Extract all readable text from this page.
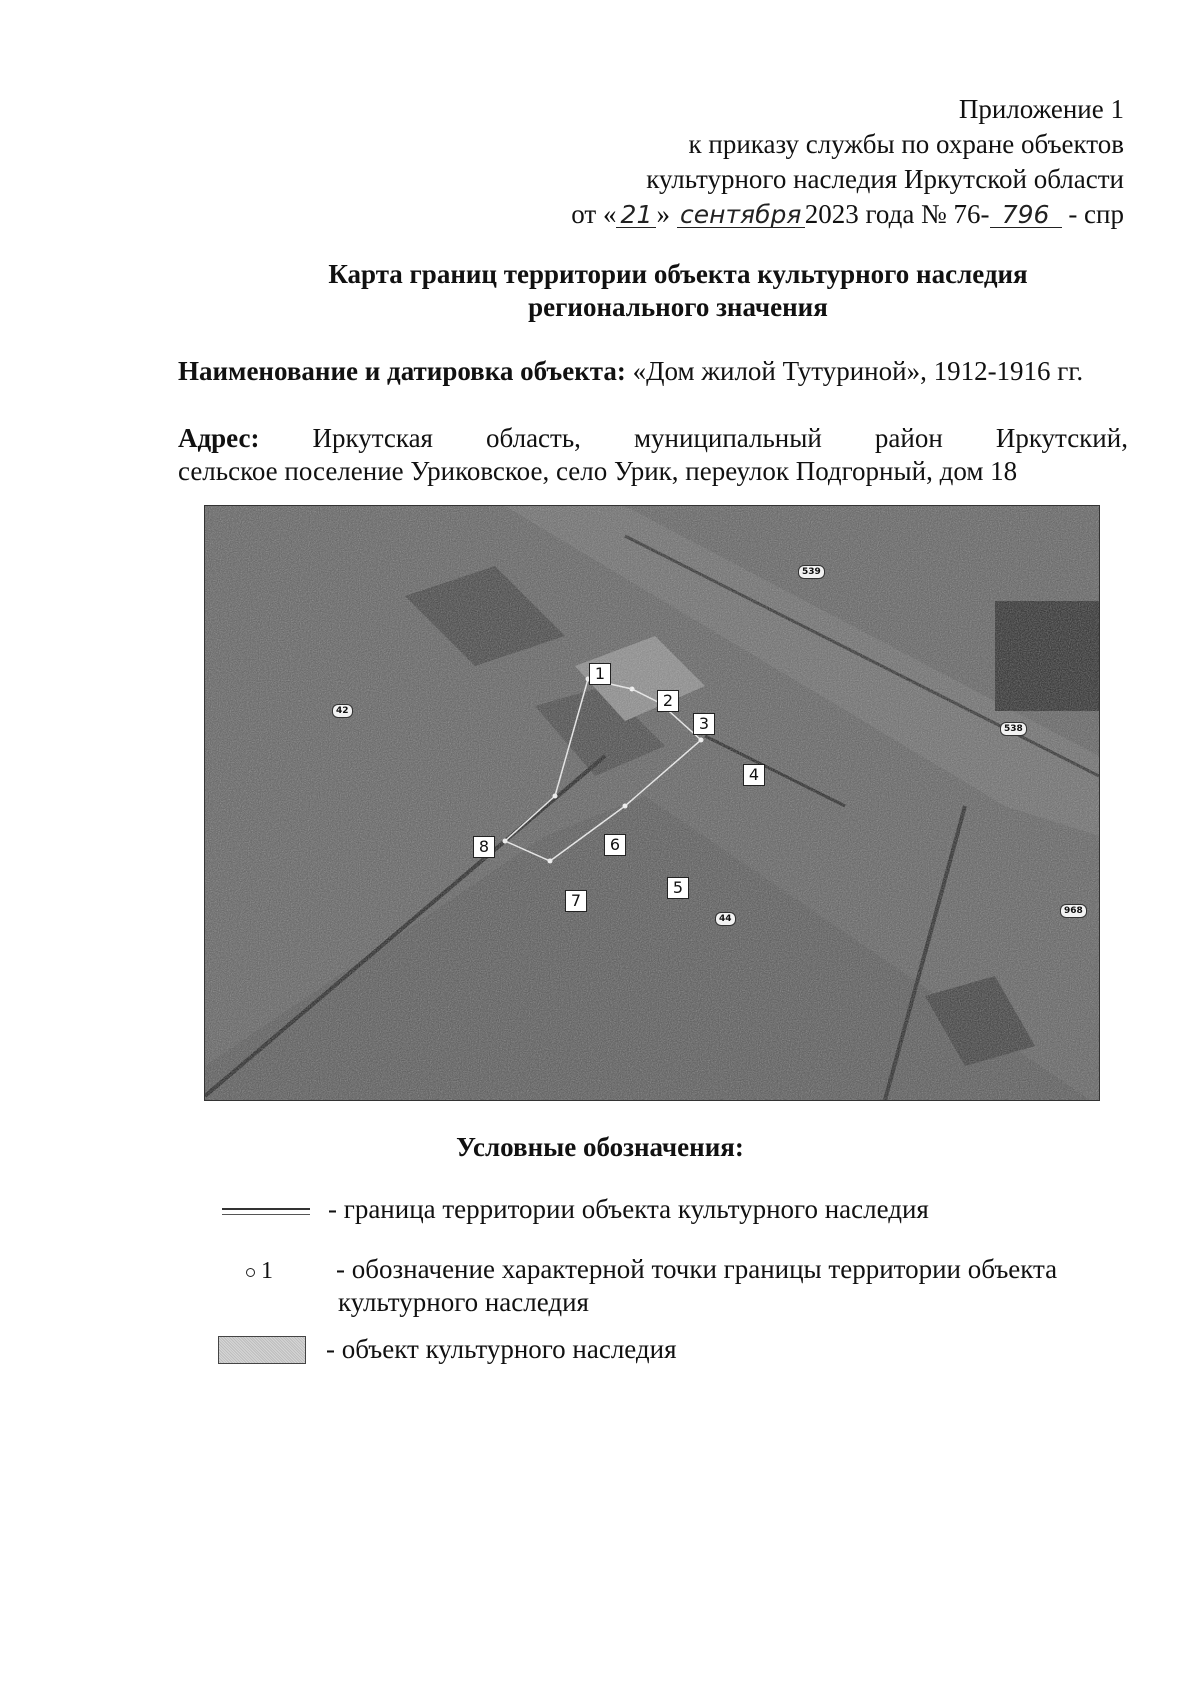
Приложение 1
к приказу службы по охране объектов
культурного наследия Иркутской области
от « 21 » сентября 2023 года № 76- 796 - спр
Карта границ территории объекта культурного наследия
регионального значения
Наименование и датировка объекта: «Дом жилой Тутуриной», 1912-1916 гг.
Адрес: Иркутская область, муниципальный район Иркутский,
сельское поселение Уриковское, село Урик, переулок Подгорный, дом 18
1
2
3
4
5
6
7
8
539
538
42
44
968
Условные обозначения:
- граница территории объекта культурного наследия
1 - обозначение характерной точки границы территории объекта
культурного наследия
- объект культурного наследия
